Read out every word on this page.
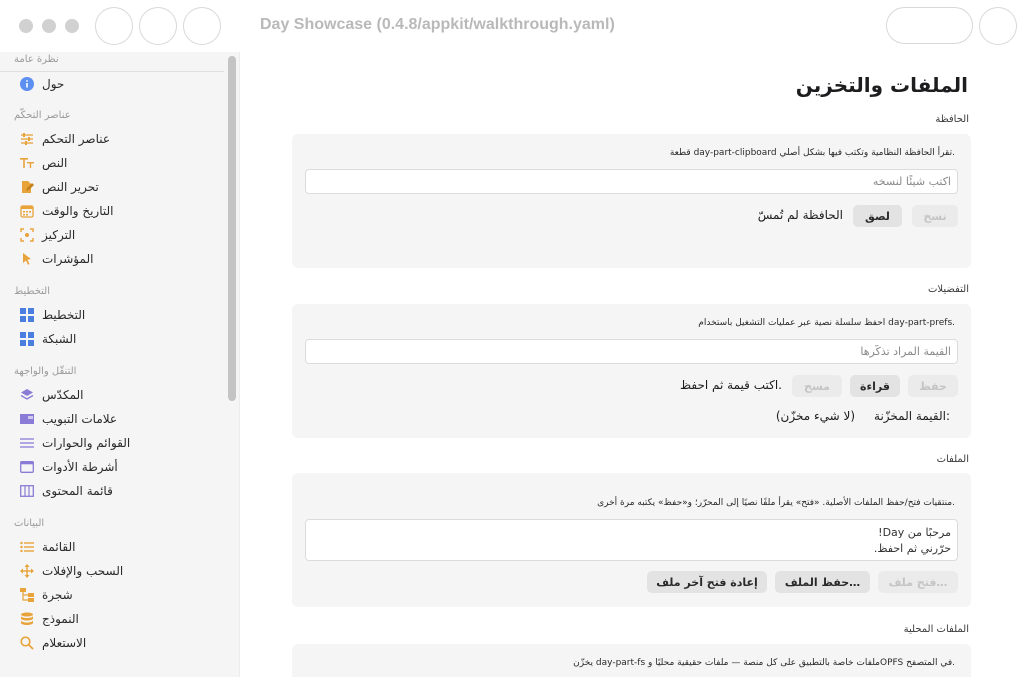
Day Showcase (0.4.8/appkit/walkthrough.yaml)
نظرة عامة
حول
عناصر التحكّم
عناصر التحكم
النص
تحرير النص
التاريخ والوقت
التركيز
المؤشرات
التخطيط
التخطيط
الشبكة
التنقّل والواجهة
المكدّس
علامات التبويب
القوائم والحوارات
أشرطة الأدوات
قائمة المحتوى
البيانات
القائمة
السحب والإفلات
شجرة
النموذج
الاستعلام
الملفات والتخزين
الحافظة
قطعة day-part-clipboard تقرأ الحافظة النظامية وتكتب فيها بشكل أصلي.
اكتب شيئًا لنسخه
نسخ
لصق
الحافظة لم تُمسّ
التفضيلات
احفظ سلسلة نصية عبر عمليات التشغيل باستخدام day-part-prefs.
القيمة المراد تذكّرها
حفظ
قراءة
مسح
اكتب قيمة ثم احفظ.
القيمة المخزّنة:
(لا شيء مخزّن)
الملفات
منتقيات فتح/حفظ الملفات الأصلية. «فتح» يقرأ ملفًا نصيًا إلى المحرّر؛ و«حفظ» يكتبه مرة أخرى.
مرحبًا من Day!
حرّرني ثم احفظ.
فتح ملف…
حفظ الملف…
إعادة فتح آخر ملف
الملفات المحلية
يخزّن day-part-fs ملفات خاصة بالتطبيق على كل منصة — ملفات حقيقية محليًا وOPFS في المتصفح.
